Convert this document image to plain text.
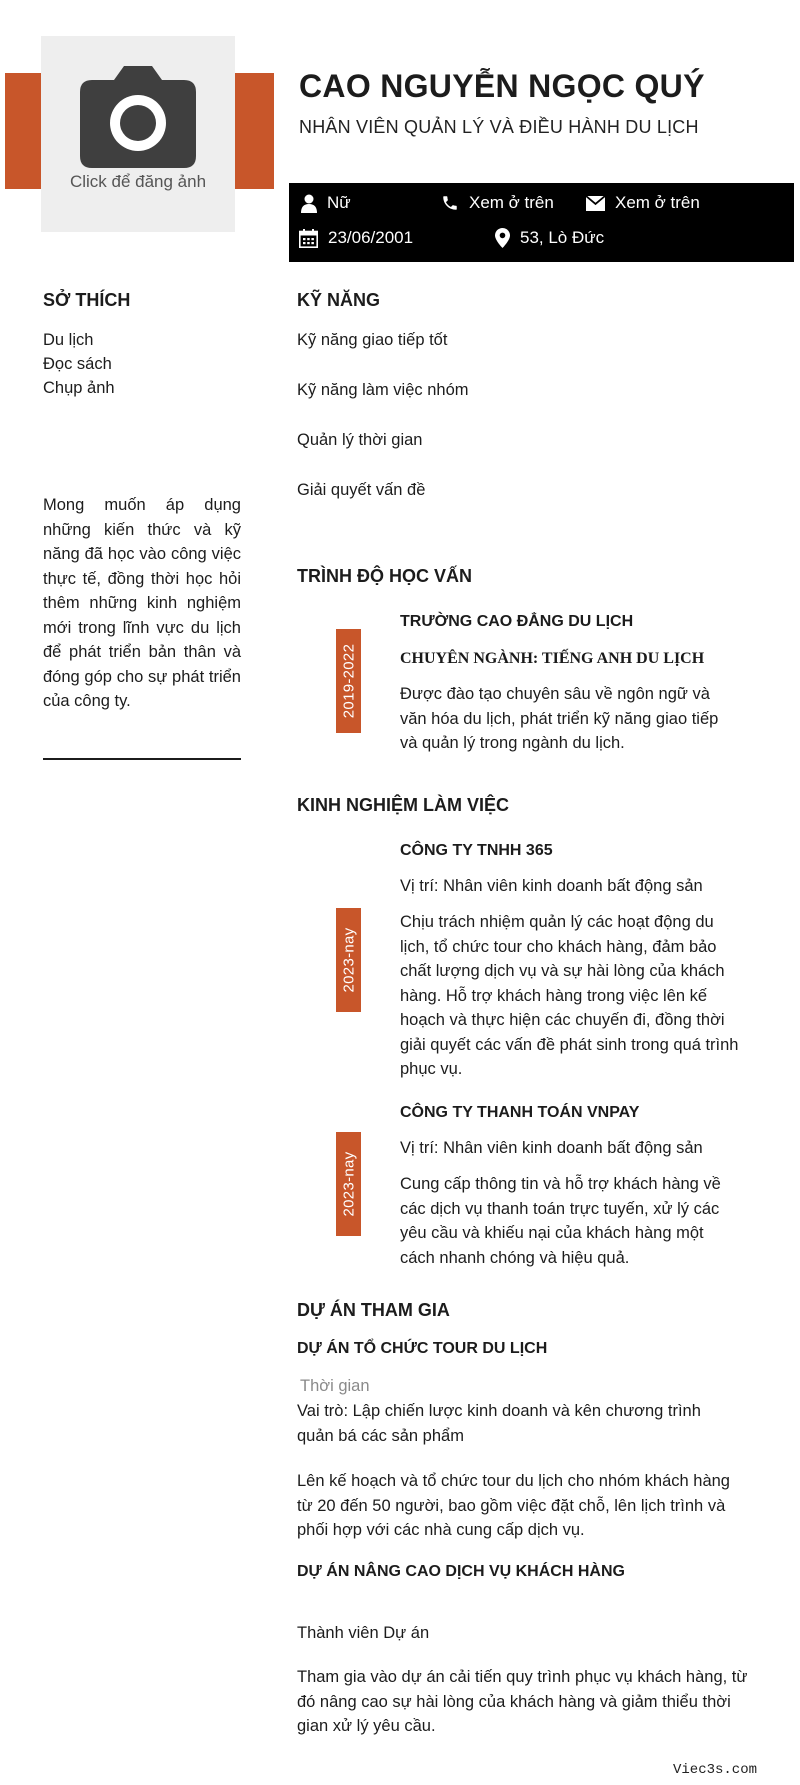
Click để đăng ảnh
CAO NGUYỄN NGỌC QUÝ
NHÂN VIÊN QUẢN LÝ VÀ ĐIỀU HÀNH DU LỊCH
Nữ	Xem ở trên	Xem ở trên
23/06/2001	53, Lò Đức
SỞ THÍCH
Du lịch
Đọc sách
Chụp ảnh
Mong muốn áp dụng những kiến thức và kỹ năng đã học vào công việc thực tế, đồng thời học hỏi thêm những kinh nghiệm mới trong lĩnh vực du lịch để phát triển bản thân và đóng góp cho sự phát triển của công ty.
KỸ NĂNG
Kỹ năng giao tiếp tốt
Kỹ năng làm việc nhóm
Quản lý thời gian
Giải quyết vấn đề
TRÌNH ĐỘ HỌC VẤN
2019-2022
TRƯỜNG CAO ĐẲNG DU LỊCH
CHUYÊN NGÀNH: TIẾNG ANH DU LỊCH
Được đào tạo chuyên sâu về ngôn ngữ và văn hóa du lịch, phát triển kỹ năng giao tiếp và quản lý trong ngành du lịch.
KINH NGHIỆM LÀM VIỆC
2023-nay
CÔNG TY TNHH 365
Vị trí: Nhân viên kinh doanh bất động sản
Chịu trách nhiệm quản lý các hoạt động du lịch, tổ chức tour cho khách hàng, đảm bảo chất lượng dịch vụ và sự hài lòng của khách hàng. Hỗ trợ khách hàng trong việc lên kế hoạch và thực hiện các chuyến đi, đồng thời giải quyết các vấn đề phát sinh trong quá trình phục vụ.
2023-nay
CÔNG TY THANH TOÁN VNPAY
Vị trí: Nhân viên kinh doanh bất động sản
Cung cấp thông tin và hỗ trợ khách hàng về các dịch vụ thanh toán trực tuyến, xử lý các yêu cầu và khiếu nại của khách hàng một cách nhanh chóng và hiệu quả.
DỰ ÁN THAM GIA
DỰ ÁN TỔ CHỨC TOUR DU LỊCH
Thời gian
Vai trò: Lập chiến lược kinh doanh và kên chương trình quản bá các sản phẩm
Lên kế hoạch và tổ chức tour du lịch cho nhóm khách hàng từ 20 đến 50 người, bao gồm việc đặt chỗ, lên lịch trình và phối hợp với các nhà cung cấp dịch vụ.
DỰ ÁN NÂNG CAO DỊCH VỤ KHÁCH HÀNG
Thành viên Dự án
Tham gia vào dự án cải tiến quy trình phục vụ khách hàng, từ đó nâng cao sự hài lòng của khách hàng và giảm thiểu thời gian xử lý yêu cầu.
Viec3s.com
